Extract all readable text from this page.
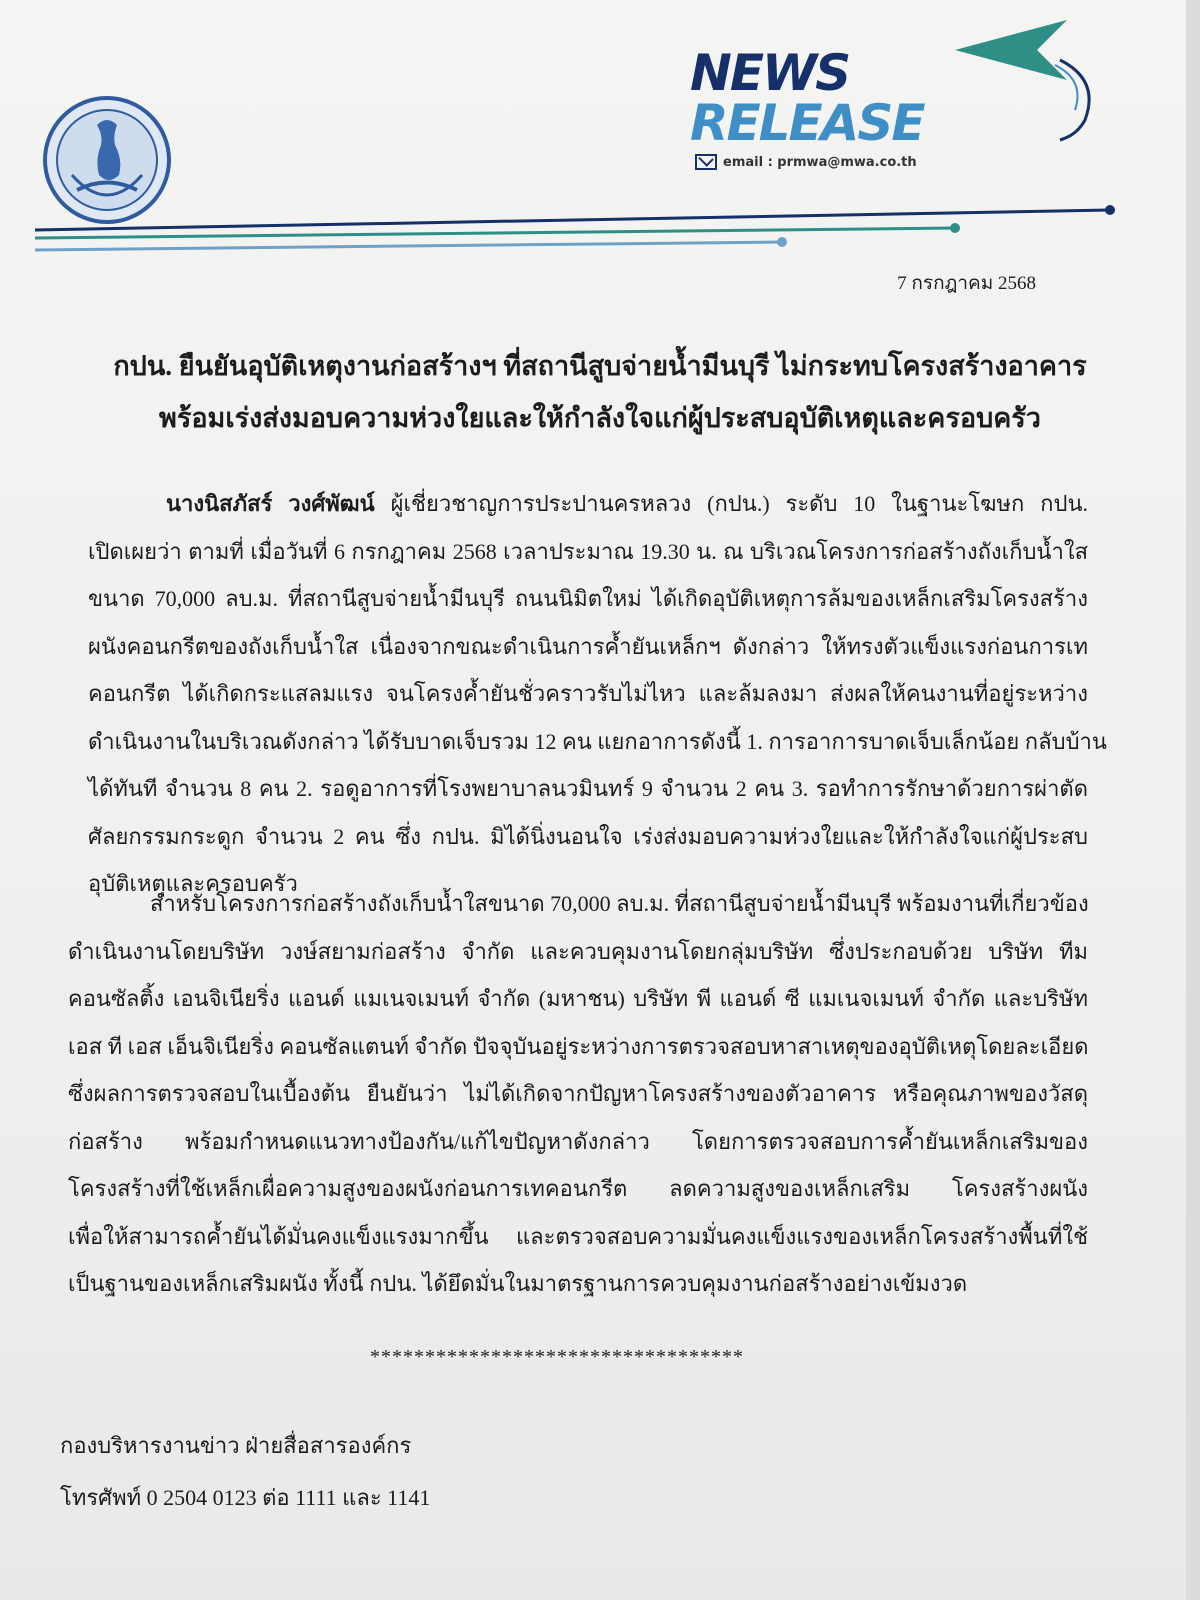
NEWS
RELEASE
email : prmwa@mwa.co.th
7 กรกฎาคม 2568
กปน. ยืนยันอุบัติเหตุงานก่อสร้างฯ ที่สถานีสูบจ่ายน้ำมีนบุรี ไม่กระทบโครงสร้างอาคาร
พร้อมเร่งส่งมอบความห่วงใยและให้กำลังใจแก่ผู้ประสบอุบัติเหตุและครอบครัว
นางนิสภัสร์ วงศ์พัฒน์ ผู้เชี่ยวชาญการประปานครหลวง (กปน.) ระดับ 10 ในฐานะโฆษก กปน.
เปิดเผยว่า ตามที่ เมื่อวันที่ 6 กรกฎาคม 2568 เวลาประมาณ 19.30 น. ณ บริเวณโครงการก่อสร้างถังเก็บน้ำใส
ขนาด 70,000 ลบ.ม. ที่สถานีสูบจ่ายน้ำมีนบุรี ถนนนิมิตใหม่ ได้เกิดอุบัติเหตุการล้มของเหล็กเสริมโครงสร้าง
ผนังคอนกรีตของถังเก็บน้ำใส เนื่องจากขณะดำเนินการค้ำยันเหล็กฯ ดังกล่าว ให้ทรงตัวแข็งแรงก่อนการเท
คอนกรีต ได้เกิดกระแสลมแรง จนโครงค้ำยันชั่วคราวรับไม่ไหว และล้มลงมา ส่งผลให้คนงานที่อยู่ระหว่าง
ดำเนินงานในบริเวณดังกล่าว ได้รับบาดเจ็บรวม 12 คน แยกอาการดังนี้ 1. การอาการบาดเจ็บเล็กน้อย กลับบ้าน
ได้ทันที จำนวน 8 คน 2. รอดูอาการที่โรงพยาบาลนวมินทร์ 9 จำนวน 2 คน 3. รอทำการรักษาด้วยการผ่าตัด
ศัลยกรรมกระดูก จำนวน 2 คน ซึ่ง กปน. มิได้นิ่งนอนใจ เร่งส่งมอบความห่วงใยและให้กำลังใจแก่ผู้ประสบ
อุบัติเหตุและครอบครัว
สำหรับโครงการก่อสร้างถังเก็บน้ำใสขนาด 70,000 ลบ.ม. ที่สถานีสูบจ่ายน้ำมีนบุรี พร้อมงานที่เกี่ยวข้อง
ดำเนินงานโดยบริษัท วงษ์สยามก่อสร้าง จำกัด และควบคุมงานโดยกลุ่มบริษัท ซึ่งประกอบด้วย บริษัท ทีม
คอนซัลติ้ง เอนจิเนียริ่ง แอนด์ แมเนจเมนท์ จำกัด (มหาชน) บริษัท พี แอนด์ ซี แมเนจเมนท์ จำกัด และบริษัท
เอส ที เอส เอ็นจิเนียริ่ง คอนซัลแตนท์ จำกัด ปัจจุบันอยู่ระหว่างการตรวจสอบหาสาเหตุของอุบัติเหตุโดยละเอียด
ซึ่งผลการตรวจสอบในเบื้องต้น ยืนยันว่า ไม่ได้เกิดจากปัญหาโครงสร้างของตัวอาคาร หรือคุณภาพของวัสดุ
ก่อสร้าง พร้อมกำหนดแนวทางป้องกัน/แก้ไขปัญหาดังกล่าว โดยการตรวจสอบการค้ำยันเหล็กเสริมของ
โครงสร้างที่ใช้เหล็กเผื่อความสูงของผนังก่อนการเทคอนกรีต ลดความสูงของเหล็กเสริม โครงสร้างผนัง
เพื่อให้สามารถค้ำยันได้มั่นคงแข็งแรงมากขึ้น และตรวจสอบความมั่นคงแข็งแรงของเหล็กโครงสร้างพื้นที่ใช้
เป็นฐานของเหล็กเสริมผนัง ทั้งนี้ กปน. ได้ยึดมั่นในมาตรฐานการควบคุมงานก่อสร้างอย่างเข้มงวด
**********************************
กองบริหารงานข่าว ฝ่ายสื่อสารองค์กร
โทรศัพท์ 0 2504 0123 ต่อ 1111 และ 1141
